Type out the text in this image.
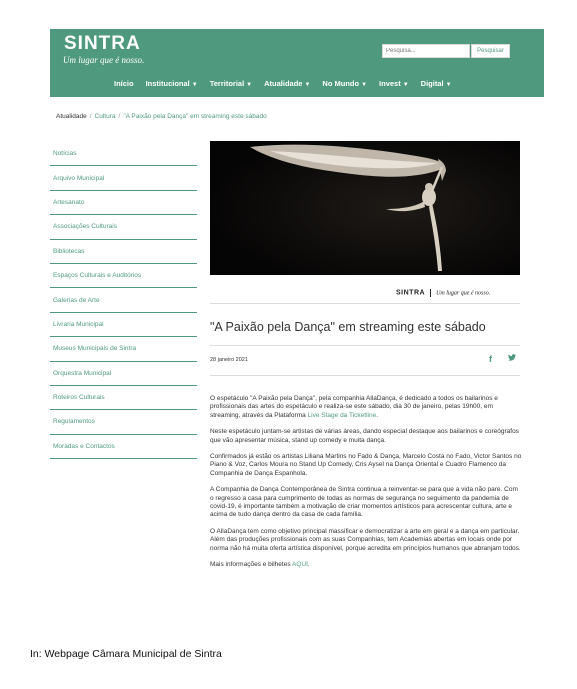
SINTRA
Um lugar que é nosso.
Pesquisa...
Pesquisar
Início Institucional ▼ Territorial ▼ Atualidade ▼ No Mundo ▼ Invest ▼ Digital ▼
Atualidade / Cultura / "A Paixão pela Dança" em streaming este sábado
Notícias
Arquivo Municipal
Artesanato
Associações Culturais
Bibliotecas
Espaços Culturais e Auditórios
Galerias de Arte
Livraria Municipal
Museus Municipais de Sintra
Orquestra Municipal
Roteiros Culturais
Regulamentos
Moradas e Contactos
SINTRA Um lugar que é nosso.
"A Paixão pela Dança" em streaming este sábado
28 janeiro 2021	f

O espetáculo "A Paixão pela Dança", pela companhia AllaDança, é dedicado a todos os bailarinos e profissionais das artes do espetáculo e realiza-se este sábado, dia 30 de janeiro, pelas 19h00, em streaming, através da Plataforma Live Stage da Ticketline.

Neste espetáculo juntam-se artistas de várias áreas, dando especial destaque aos bailarinos e coreógrafos que vão apresentar música, stand up comedy e muita dança.

Confirmados já estão os artistas Liliana Martins no Fado & Dança, Marcelo Costa no Fado, Victor Santos no Piano & Voz, Carlos Moura no Stand Up Comedy, Cris Aysel na Dança Oriental e Cuadro Flamenco da Companhia de Dança Espanhola.

A Companhia de Dança Contemporânea de Sintra continua a reinventar-se para que a vida não pare. Com o regresso a casa para cumprimento de todas as normas de segurança no seguimento da pandemia de covid-19, é importante também a motivação de criar momentos artísticos para acrescentar cultura, arte e acima de tudo dança dentro da casa de cada família.

O AllaDança tem como objetivo principal massificar e democratizar a arte em geral e a dança em particular. Além das produções profissionais com as suas Companhias, tem Academias abertas em locais onde por norma não há muita oferta artística disponível, porque acredita em princípios humanos que abranjam todos.

Mais informações e bilhetes AQUI.

In: Webpage Câmara Municipal de Sintra
